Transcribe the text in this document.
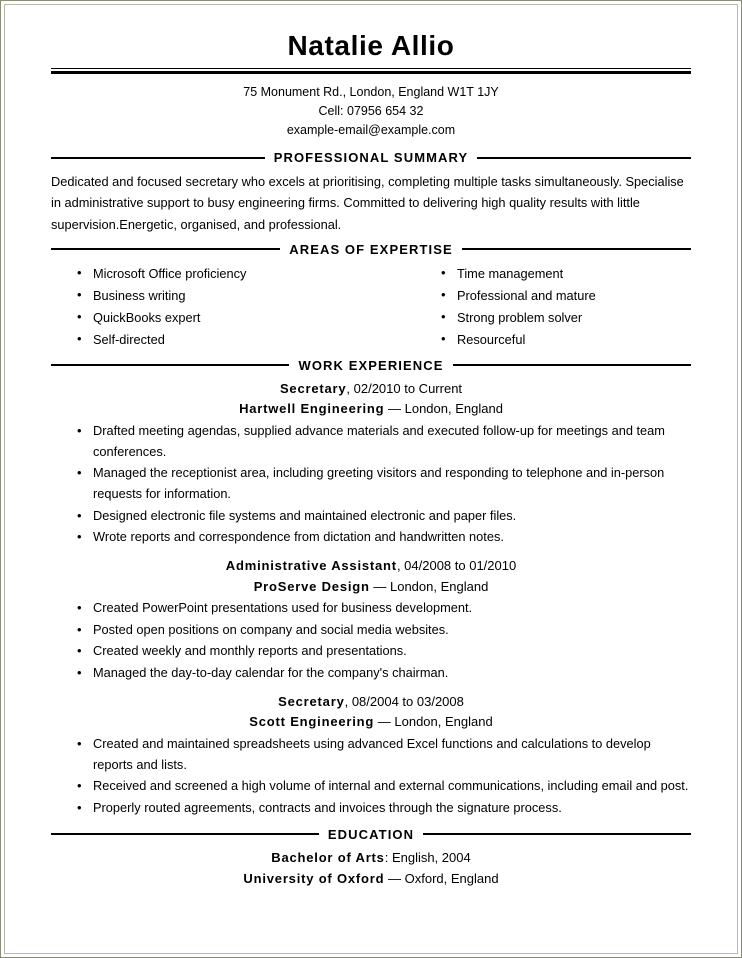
Natalie Allio
75 Monument Rd., London, England W1T 1JY
Cell: 07956 654 32
example-email@example.com
PROFESSIONAL SUMMARY
Dedicated and focused secretary who excels at prioritising, completing multiple tasks simultaneously. Specialise in administrative support to busy engineering firms. Committed to delivering high quality results with little supervision.Energetic, organised, and professional.
AREAS OF EXPERTISE
• Microsoft Office proficiency
• Business writing
• QuickBooks expert
• Self-directed
• Time management
• Professional and mature
• Strong problem solver
• Resourceful
WORK EXPERIENCE
Secretary, 02/2010 to Current
Hartwell Engineering — London, England
• Drafted meeting agendas, supplied advance materials and executed follow-up for meetings and team conferences.
• Managed the receptionist area, including greeting visitors and responding to telephone and in-person requests for information.
• Designed electronic file systems and maintained electronic and paper files.
• Wrote reports and correspondence from dictation and handwritten notes.
Administrative Assistant, 04/2008 to 01/2010
ProServe Design — London, England
• Created PowerPoint presentations used for business development.
• Posted open positions on company and social media websites.
• Created weekly and monthly reports and presentations.
• Managed the day-to-day calendar for the company's chairman.
Secretary, 08/2004 to 03/2008
Scott Engineering — London, England
• Created and maintained spreadsheets using advanced Excel functions and calculations to develop reports and lists.
• Received and screened a high volume of internal and external communications, including email and post.
• Properly routed agreements, contracts and invoices through the signature process.
EDUCATION
Bachelor of Arts: English, 2004
University of Oxford — Oxford, England
